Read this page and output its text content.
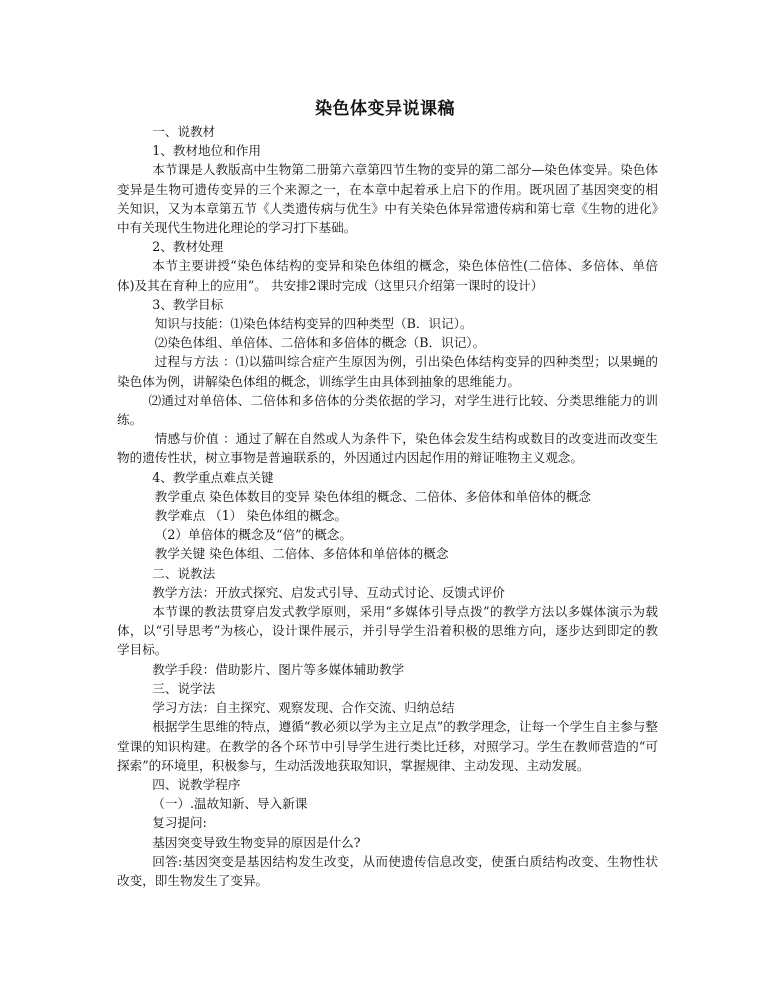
染色体变异说课稿

一、说教材

1、教材地位和作用

本节课是人教版高中生物第二册第六章第四节生物的变异的第二部分—染色体变异。染色体变异是生物可遗传变异的三个来源之一，在本章中起着承上启下的作用。既巩固了基因突变的相关知识，又为本章第五节《人类遗传病与优生》中有关染色体异常遗传病和第七章《生物的进化》中有关现代生物进化理论的学习打下基础。

2、教材处理

本节主要讲授“染色体结构的变异和染色体组的概念，染色体倍性(二倍体、多倍体、单倍体)及其在育种上的应用”。 共安排2课时完成（这里只介绍第一课时的设计）

3、教学目标

知识与技能：⑴染色体结构变异的四种类型（B．识记）。

⑵染色体组、单倍体、二倍体和多倍体的概念（B．识记）。

过程与方法 ：⑴以猫叫综合症产生原因为例，引出染色体结构变异的四种类型；以果蝇的染色体为例，讲解染色体组的概念，训练学生由具体到抽象的思维能力。

⑵通过对单倍体、二倍体和多倍体的分类依据的学习，对学生进行比较、分类思维能力的训练。

情感与价值 ：通过了解在自然或人为条件下，染色体会发生结构或数目的改变进而改变生物的遗传性状，树立事物是普遍联系的，外因通过内因起作用的辩证唯物主义观念。

4、教学重点难点关键

教学重点 染色体数目的变异 染色体组的概念、二倍体、多倍体和单倍体的概念

教学难点 （1） 染色体组的概念。

（2）单倍体的概念及“倍”的概念。

教学关键 染色体组、二倍体、多倍体和单倍体的概念

二、说教法

教学方法：开放式探究、启发式引导、互动式讨论、反馈式评价

本节课的教法贯穿启发式教学原则，采用“多媒体引导点拨”的教学方法以多媒体演示为载体，以“引导思考”为核心，设计课件展示，并引导学生沿着积极的思维方向，逐步达到即定的教学目标。

教学手段：借助影片、图片等多媒体辅助教学

三、说学法

学习方法：自主探究、观察发现、合作交流、归纳总结

根据学生思维的特点，遵循“教必须以学为主立足点”的教学理念，让每一个学生自主参与整堂课的知识构建。在教学的各个环节中引导学生进行类比迁移，对照学习。学生在教师营造的“可探索”的环境里，积极参与，生动活泼地获取知识，掌握规律、主动发现、主动发展。

四、说教学程序

（一）.温故知新、导入新课

复习提问:

基因突变导致生物变异的原因是什么?

回答:基因突变是基因结构发生改变，从而使遗传信息改变，使蛋白质结构改变、生物性状改变，即生物发生了变异。
